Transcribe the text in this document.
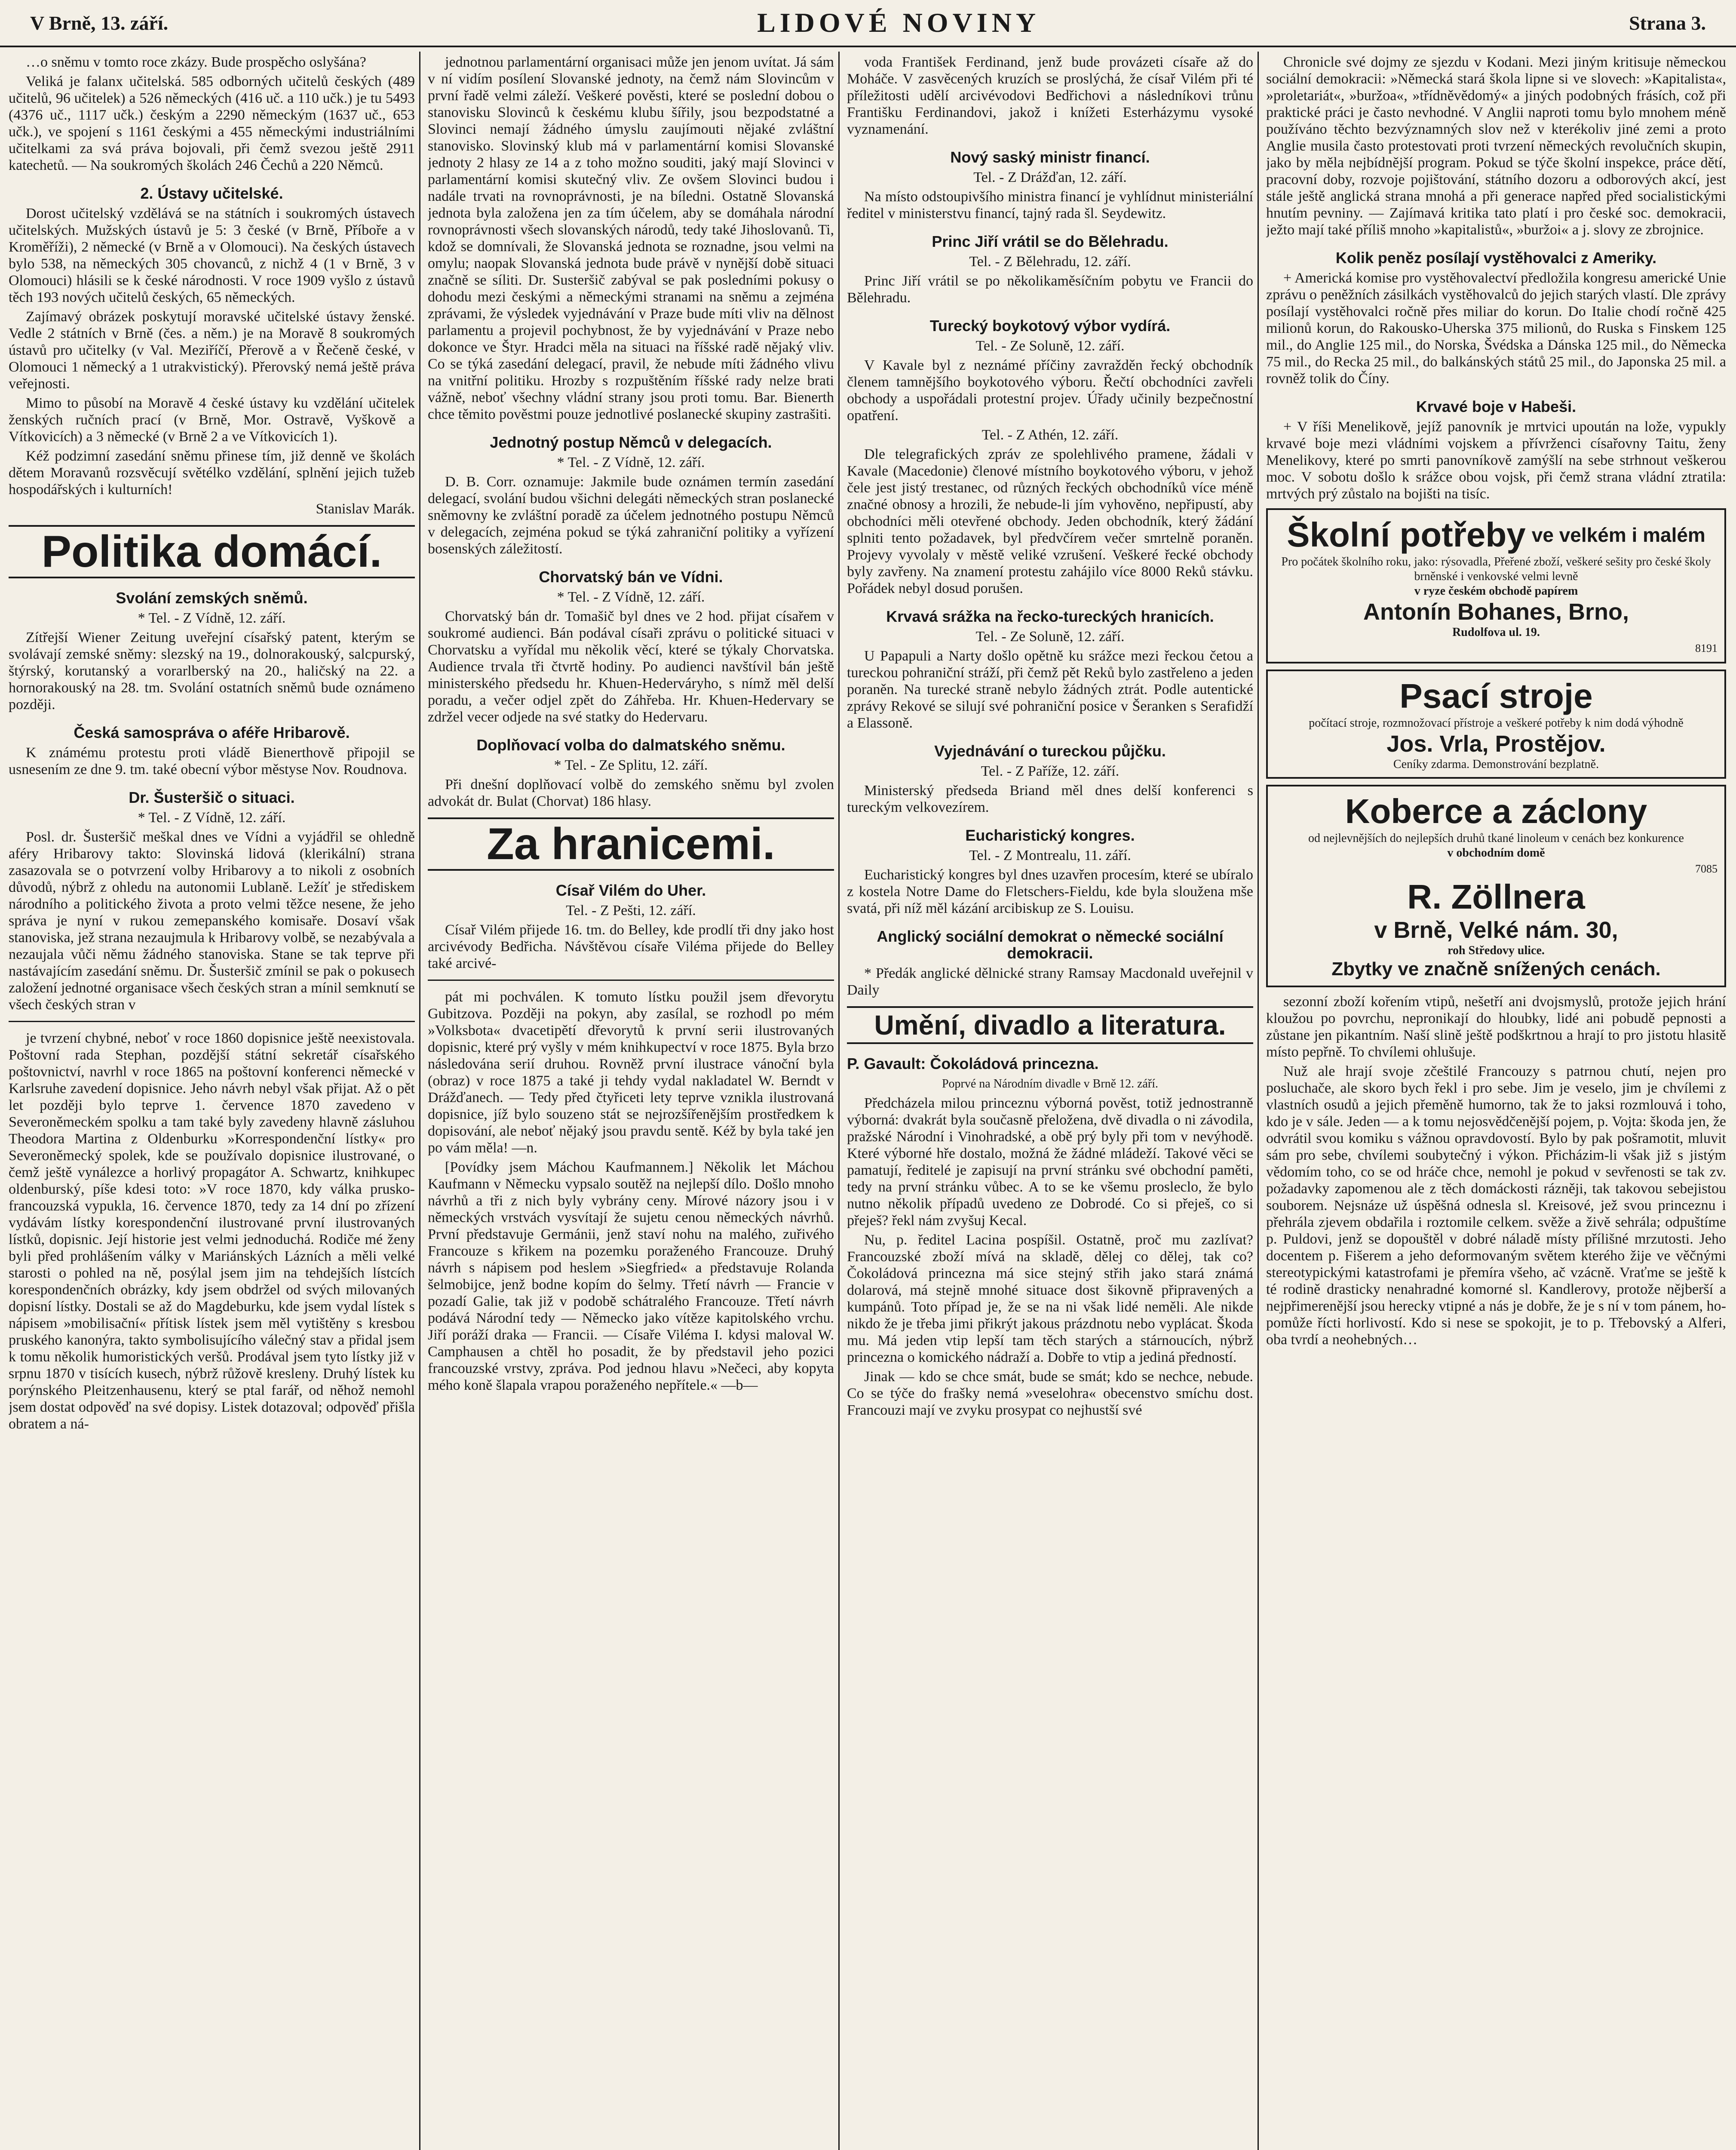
V Brně, 13. září.	LIDOVÉ NOVINY	Strana 3.

…o sněmu v tomto roce zkázy. Bude prospěcho oslyšána?

Veliká je falanx učitelská. 585 odborných učitelů českých (489 učitelů, 96 učitelek) a 526 německých (416 uč. a 110 učk.) je tu 5493 (4376 uč., 1117 učk.) českým a 2290 německým (1637 uč., 653 učk.), ve spojení s 1161 českými a 455 německými industriálními učitelkami za svá práva bojovali, při čemž svezou ještě 2911 katechetů. — Na soukromých školách 246 Čechů a 220 Němců.

2. Ústavy učitelské.

Dorost učitelský vzdělává se na státních i soukromých ústavech učitelských. Mužských ústavů je 5: 3 české (v Brně, Příboře a v Kroměříži), 2 německé (v Brně a v Olomouci). Na českých ústavech bylo 538, na německých 305 chovanců, z nichž 4 (1 v Brně, 3 v Olomouci) hlásili se k české národnosti. V roce 1909 vyšlo z ústavů těch 193 nových učitelů českých, 65 německých.

Zajímavý obrázek poskytují moravské učitelské ústavy ženské. Vedle 2 státních v Brně (čes. a něm.) je na Moravě 8 soukromých ústavů pro učitelky (v Val. Meziříčí, Přerově a v Řečeně české, v Olomouci 1 německý a 1 utrakvistický). Přerovský nemá ještě práva veřejnosti.

Mimo to působí na Moravě 4 české ústavy ku vzdělání učitelek ženských ručních prací (v Brně, Mor. Ostravě, Vyškově a Vítkovicích) a 3 německé (v Brně 2 a ve Vítkovicích 1).

Kéž podzimní zasedání sněmu přinese tím, již denně ve školách dětem Moravanů rozsvěcují světélko vzdělání, splnění jejich tužeb hospodářských i kulturních!

Stanislav Marák.
Politika domácí.
Svolání zemských sněmů.
* Tel. - Z Vídně, 12. září.

Zítřejší Wiener Zeitung uveřejní císařský patent, kterým se svolávají zemské sněmy: slezský na 19., dolnorakouský, salcpurský, štýrský, korutanský a vorarlberský na 20., haličský na 22. a hornorakouský na 28. tm. Svolání ostatních sněmů bude oznámeno později.

Česká samospráva o aféře Hribarově.

K známému protestu proti vládě Bienerthově připojil se usnesením ze dne 9. tm. také obecní výbor městyse Nov. Roudnova.

Dr. Šusteršič o situaci.
* Tel. - Z Vídně, 12. září.

Posl. dr. Šusteršič meškal dnes ve Vídni a vyjádřil se ohledně aféry Hribarovy takto: Slovinská lidová (klerikální) strana zasazovala se o potvrzení volby Hribarovy a to nikoli z osobních důvodů, nýbrž z ohledu na autonomii Lublaně. Ležíť je střediskem národního a politického života a proto velmi těžce nesene, že jeho správa je nyní v rukou zemepanského komisaře. Dosaví však stanoviska, jež strana nezaujmula k Hribarovy volbě, se nezabývala a nezaujala vůči němu žádného stanoviska. Stane se tak teprve při nastávajícím zasedání sněmu. Dr. Šusteršič zmínil se pak o pokusech založení jednotné organisace všech českých stran a mínil semknutí se všech českých stran v

je tvrzení chybné, neboť v roce 1860 dopisnice ještě neexistovala. Poštovní rada Stephan, pozdější státní sekretář císařského poštovnictví, navrhl v roce 1865 na poštovní konferenci německé v Karlsruhe zavedení dopisnice. Jeho návrh nebyl však přijat. Až o pět let později bylo teprve 1. července 1870 zavedeno v Severoněmeckém spolku a tam také byly zavedeny hlavně zásluhou Theodora Martina z Oldenburku »Korrespondenční lístky« pro Severoněmecký spolek, kde se používalo dopisnice ilustrované, o čemž ještě vynálezce a horlivý propagátor A. Schwartz, knihkupec oldenburský, píše kdesi toto: »V roce 1870, kdy válka prusko-francouzská vypukla, 16. července 1870, tedy za 14 dní po zřízení vydávám lístky korespondenční ilustrované první ilustrovaných lístků, dopisnic. Její historie jest velmi jednoduchá. Rodiče mé ženy byli před prohlášením války v Mariánských Lázních a měli velké starosti o pohled na ně, posýlal jsem jim na tehdejších lístcích korespondenčních obrázky, kdy jsem obdržel od svých milovaných dopisní lístky. Dostali se až do Magdeburku, kde jsem vydal lístek s nápisem »mobilisační« přítisk lístek jsem měl vytištěny s kresbou pruského kanonýra, takto symbolisujícího válečný stav a přidal jsem k tomu několik humoristických veršů. Prodával jsem tyto lístky již v srpnu 1870 v tisících kusech, nýbrž růžově kresleny. Druhý lístek ku porýnského Pleitzenhausenu, který se ptal farář, od něhož nemohl jsem dostat odpověď na své dopisy. Listek dotazoval; odpověď přišla obratem a ná-

jednotnou parlamentární organisaci může jen jenom uvítat. Já sám v ní vidím posílení Slovanské jednoty, na čemž nám Slovincům v první řadě velmi záleží. Veškeré pověsti, které se poslední dobou o stanovisku Slovinců k českému klubu šířily, jsou bezpodstatné a Slovinci nemají žádného úmyslu zaujímouti nějaké zvláštní stanovisko. Slovinský klub má v parlamentární komisi Slovanské jednoty 2 hlasy ze 14 a z toho možno souditi, jaký mají Slovinci v parlamentární komisi skutečný vliv. Ze ovšem Slovinci budou i nadále trvati na rovnoprávnosti, je na bíledni. Ostatně Slovanská jednota byla založena jen za tím účelem, aby se domáhala národní rovnoprávnosti všech slovanských národů, tedy také Jihoslovanů. Ti, kdož se domnívali, že Slovanská jednota se roznadne, jsou velmi na omylu; naopak Slovanská jednota bude právě v nynější době situaci značně se síliti. Dr. Susteršič zabýval se pak posledními pokusy o dohodu mezi českými a německými stranami na sněmu a zejména zprávami, že výsledek vyjednávání v Praze bude míti vliv na dělnost parlamentu a projevil pochybnost, že by vyjednávání v Praze nebo dokonce ve Štyr. Hradci měla na situaci na říšské radě nějaký vliv. Co se týká zasedání delegací, pravil, že nebude míti žádného vlivu na vnitřní politiku. Hrozby s rozpuštěním říšské rady nelze brati vážně, neboť všechny vládní strany jsou proti tomu. Bar. Bienerth chce těmito pověstmi pouze jednotlivé poslanecké skupiny zastrašiti.

Jednotný postup Němců v delegacích.
* Tel. - Z Vídně, 12. září.

D. B. Corr. oznamuje: Jakmile bude oznámen termín zasedání delegací, svolání budou všichni delegáti německých stran poslanecké sněmovny ke zvláštní poradě za účelem jednotného postupu Němců v delegacích, zejména pokud se týká zahraniční politiky a vyřízení bosenských záležitostí.

Chorvatský bán ve Vídni.
* Tel. - Z Vídně, 12. září.

Chorvatský bán dr. Tomašič byl dnes ve 2 hod. přijat císařem v soukromé audienci. Bán podával císaři zprávu o politické situaci v Chorvatsku a vyřídal mu několik věcí, které se týkaly Chorvatska. Audience trvala tři čtvrtě hodiny. Po audienci navštívil bán ještě ministerského předsedu hr. Khuen-Hederváryho, s nímž měl delší poradu, a večer odjel zpět do Záhřeba. Hr. Khuen-Hedervary se zdržel vecer odjede na své statky do Hedervaru.

Doplňovací volba do dalmatského sněmu.
* Tel. - Ze Splitu, 12. září.

Při dnešní doplňovací volbě do zemského sněmu byl zvolen advokát dr. Bulat (Chorvat) 186 hlasy.

Za hranicemi.
Císař Vilém do Uher.
Tel. - Z Pešti, 12. září.

Císař Vilém přijede 16. tm. do Belley, kde prodlí tři dny jako host arcivévody Bedřicha. Návštěvou císaře Viléma přijede do Belley také arcivé-

pát mi pochválen. K tomuto lístku použil jsem dřevorytu Gubitzova. Později na pokyn, aby zasílal, se rozhodl po mém »Volksbota« dvacetipětí dřevorytů k první serii ilustrovaných dopisnic, které prý vyšly v mém knihkupectví v roce 1875. Byla brzo následována serií druhou. Rovněž první ilustrace vánoční byla (obraz) v roce 1875 a také ji tehdy vydal nakladatel W. Berndt v Drážďanech. — Tedy před čtyřiceti lety teprve vznikla ilustrovaná dopisnice, jíž bylo souzeno stát se nejrozšířenějším prostředkem k dopisování, ale neboť nějaký jsou pravdu sentě. Kéž by byla také jen po vám měla! —n.

[Povídky jsem Máchou Kaufmannem.] Několik let Máchou Kaufmann v Německu vypsalo soutěž na nejlepší dílo. Došlo mnoho návrhů a tři z nich byly vybrány ceny. Mírové názory jsou i v německých vrstvách vysvítají že sujetu cenou německých návrhů. První představuje Germánii, jenž staví nohu na malého, zuřivého Francouze s křikem na pozemku poraženého Francouze. Druhý návrh s nápisem pod heslem »Siegfried« a představuje Rolanda šelmobijce, jenž bodne kopím do šelmy. Třetí návrh — Francie v pozadí Galie, tak již v podobě schátralého Francouze. Třetí návrh podává Národní tedy — Německo jako vítěze kapitolského vrchu. Jiří poráží draka — Francii. — Císaře Viléma I. kdysi maloval W. Camphausen a chtěl ho posadit, že by představil jeho pozici francouzské vrstvy, zpráva. Pod jednou hlavu »Nečeci, aby kopyta mého koně šlapala vrapou poraženého nepřítele.« —b—

voda František Ferdinand, jenž bude provázeti císaře až do Moháče. V zasvěcených kruzích se proslýchá, že císař Vilém při té příležitosti udělí arcivévodovi Bedřichovi a následníkovi trůnu Františku Ferdinandovi, jakož i knížeti Esterházymu vysoké vyznamenání.

Nový saský ministr financí.
Tel. - Z Drážďan, 12. září.

Na místo odstoupivšího ministra financí je vyhlídnut ministeriální ředitel v ministerstvu financí, tajný rada šl. Seydewitz.

Princ Jiří vrátil se do Bělehradu.
Tel. - Z Bělehradu, 12. září.

Princ Jiří vrátil se po několikaměsíčním pobytu ve Francii do Bělehradu.

Turecký boykotový výbor vydírá.
Tel. - Ze Soluně, 12. září.

V Kavale byl z neznámé příčiny zavražděn řecký obchodník členem tamnějšího boykotového výboru. Řečtí obchodníci zavřeli obchody a uspořádali protestní projev. Úřady učinily bezpečnostní opatření.

Tel. - Z Athén, 12. září.

Dle telegrafických zpráv ze spolehlivého pramene, žádali v Kavale (Macedonie) členové místního boykotového výboru, v jehož čele jest jistý trestanec, od různých řeckých obchodníků více méně značné obnosy a hrozili, že nebude-li jím vyhověno, nepřipustí, aby obchodníci měli otevřené obchody. Jeden obchodník, který žádání splniti tento požadavek, byl předvčírem večer smrtelně poraněn. Projevy vyvolaly v městě veliké vzrušení. Veškeré řecké obchody byly zavřeny. Na znamení protestu zahájilo více 8000 Reků stávku. Pořádek nebyl dosud porušen.

Krvavá srážka na řecko-tureckých hranicích.
Tel. - Ze Soluně, 12. září.

U Papapuli a Narty došlo opětně ku srážce mezi řeckou četou a tureckou pohraniční stráží, při čemž pět Reků bylo zastřeleno a jeden poraněn. Na turecké straně nebylo žádných ztrát. Podle autentické zprávy Rekové se silují své pohraniční posice v Šeranken s Serafidží a Elassoně.

Vyjednávání o tureckou půjčku.
Tel. - Z Paříže, 12. září.

Ministerský předseda Briand měl dnes delší konferenci s tureckým velkovezírem.

Eucharistický kongres.
Tel. - Z Montrealu, 11. září.

Eucharistický kongres byl dnes uzavřen procesím, které se ubíralo z kostela Notre Dame do Fletschers-Fieldu, kde byla sloužena mše svatá, při níž měl kázání arcibiskup ze S. Louisu.

Anglický sociální demokrat o německé sociální demokracii.

* Předák anglické dělnické strany Ramsay Macdonald uveřejnil v Daily

Umění, divadlo a literatura.
P. Gavault: Čokoládová princezna.
Poprvé na Národním divadle v Brně 12. září.

Předcházela milou princeznu výborná pověst, totiž jednostranně výborná: dvakrát byla současně přeložena, dvě divadla o ni závodila, pražské Národní i Vinohradské, a obě prý byly při tom v nevýhodě. Které výborné hře dostalo, možná že žádné mládeží. Takové věci se pamatují, ředitelé je zapisují na první stránku své obchodní paměti, tedy na první stránku vůbec. A to se ke všemu prosleclo, že bylo nutno několik případů uvedeno ze Dobrodé. Co si přeješ, co si přeješ? řekl nám zvyšuj Kecal.

Nu, p. ředitel Lacina pospíšil. Ostatně, proč mu zazlívat? Francouzské zboží mívá na skladě, dělej co dělej, tak co? Čokoládová princezna má sice stejný střih jako stará známá dolarová, má stejně mnohé situace dost šikovně připravených a kumpánů. Toto případ je, že se na ni však lidé neměli. Ale nikde nikdo že je třeba jimi přikrýt jakous prázdnotu nebo vyplácat. Škoda mu. Má jeden vtip lepší tam těch starých a stárnoucích, nýbrž princezna o komického nádraží a. Dobře to vtip a jediná předností.

Jinak — kdo se chce smát, bude se smát; kdo se nechce, nebude. Co se týče do frašky nemá »veselohra« obecenstvo smíchu dost. Francouzi mají ve zvyku prosypat co nejhustší své

Chronicle své dojmy ze sjezdu v Kodani. Mezi jiným kritisuje německou sociální demokracii: »Německá stará škola lipne si ve slovech: »Kapitalista«, »proletariát«, »buržoa«, »třídněvědomý« a jiných podobných frásích, což při praktické práci je často nevhodné. V Anglii naproti tomu bylo mnohem méně používáno těchto bezvýznamných slov než v kterékoliv jiné zemi a proto Anglie musila často protestovati proti tvrzení německých revolučních skupin, jako by měla nejbídnější program. Pokud se týče školní inspekce, práce dětí, pracovní doby, rozvoje pojištování, státního dozoru a odborových akcí, jest stále ještě anglická strana mnohá a při generace napřed před socialistickými hnutím pevniny. — Zajímavá kritika tato platí i pro české soc. demokracii, ježto mají také příliš mnoho »kapitalistů«, »buržoi« a j. slovy ze zbrojnice.

Kolik peněz posílají vystěhovalci z Ameriky.

+ Americká komise pro vystěhovalectví předložila kongresu americké Unie zprávu o peněžních zásilkách vystěhovalců do jejich starých vlastí. Dle zprávy posílají vystěhovalci ročně přes miliar do korun. Do Italie chodí ročně 425 milionů korun, do Rakousko-Uherska 375 milionů, do Ruska s Finskem 125 mil., do Anglie 125 mil., do Norska, Švédska a Dánska 125 mil., do Německa 75 mil., do Recka 25 mil., do balkánských států 25 mil., do Japonska 25 mil. a rovněž tolik do Číny.

Krvavé boje v Habeši.

+ V říši Menelikově, jejíž panovník je mrtvici upoután na lože, vypukly krvavé boje mezi vládními vojskem a přívrženci císařovny Taitu, ženy Menelikovy, které po smrti panovníkově zamýšlí na sebe strhnout veškerou moc. V sobotu došlo k srážce obou vojsk, při čemž strana vládní ztratila: mrtvých prý zůstalo na bojišti na tisíc.

Školní potřeby ve velkém i malém
Pro počátek školního roku, jako: rýsovadla, Přeřené zboží, veškeré sešity pro české školy brněnské i venkovské velmi levně
v ryze českém obchodě papírem
Antonín Bohanes, Brno,
Rudolfova ul. 19.
8191
Psací stroje
počítací stroje, rozmnožovací přístroje a veškeré potřeby k nim dodá výhodně
Jos. Vrla, Prostějov.
Ceníky zdarma. Demonstrování bezplatně.
Koberce a záclony
od nejlevnějších do nejlepších druhů tkané linoleum v cenách bez konkurence
v obchodním domě
7085
R. Zöllnera
v Brně, Velké nám. 30,
roh Středovy ulice.
Zbytky ve značně snížených cenách.

sezonní zboží kořením vtipů, nešetří ani dvojsmyslů, protože jejich hrání kloužou po povrchu, nepronikají do hloubky, lidé ani pobudě pepnosti a zůstane jen pikantním. Naší slině ještě podškrtnou a hrají to pro jistotu hlasitě místo pepřně. To chvílemi ohlušuje.

Nuž ale hrají svoje zčeštilé Francouzy s patrnou chutí, nejen pro posluchače, ale skoro bych řekl i pro sebe. Jim je veselo, jim je chvílemi z vlastních osudů a jejich přeměně humorno, tak že to jaksi rozmlouvá i toho, kdo je v sále. Jeden — a k tomu nejosvědčenější pojem, p. Vojta: škoda jen, že odvrátil svou komiku s vážnou opravdovostí. Bylo by pak pošramotit, mluvit sám pro sebe, chvílemi soubytečný i výkon. Přicházim-li však již s jistým vědomím toho, co se od hráče chce, nemohl je pokud v sevřenosti se tak zv. požadavky zapomenou ale z těch domáckosti rázněji, tak takovou sebejistou souborem. Nejsnáze už úspěšná odnesla sl. Kreisové, jež svou princeznu i přehrála zjevem obdařila i roztomile celkem. svěže a živě sehrála; odpuštíme p. Puldovi, jenž se dopouštěl v dobré náladě místy přílišné mrzutosti. Jeho docentem p. Fišerem a jeho deformovaným světem kterého žije ve věčnými stereotypickými katastrofami je přemíra všeho, ač vzácně. Vraťme se ještě k té rodině drasticky nenahradné komorné sl. Kandlerovy, protože nějberší a nejpřimerenější jsou herecky vtipné a nás je dobře, že je s ní v tom pánem, ho-pomůže řícti horlivostí. Kdo si nese se spokojit, je to p. Třebovský a Alferi, oba tvrdí a neohebných…
